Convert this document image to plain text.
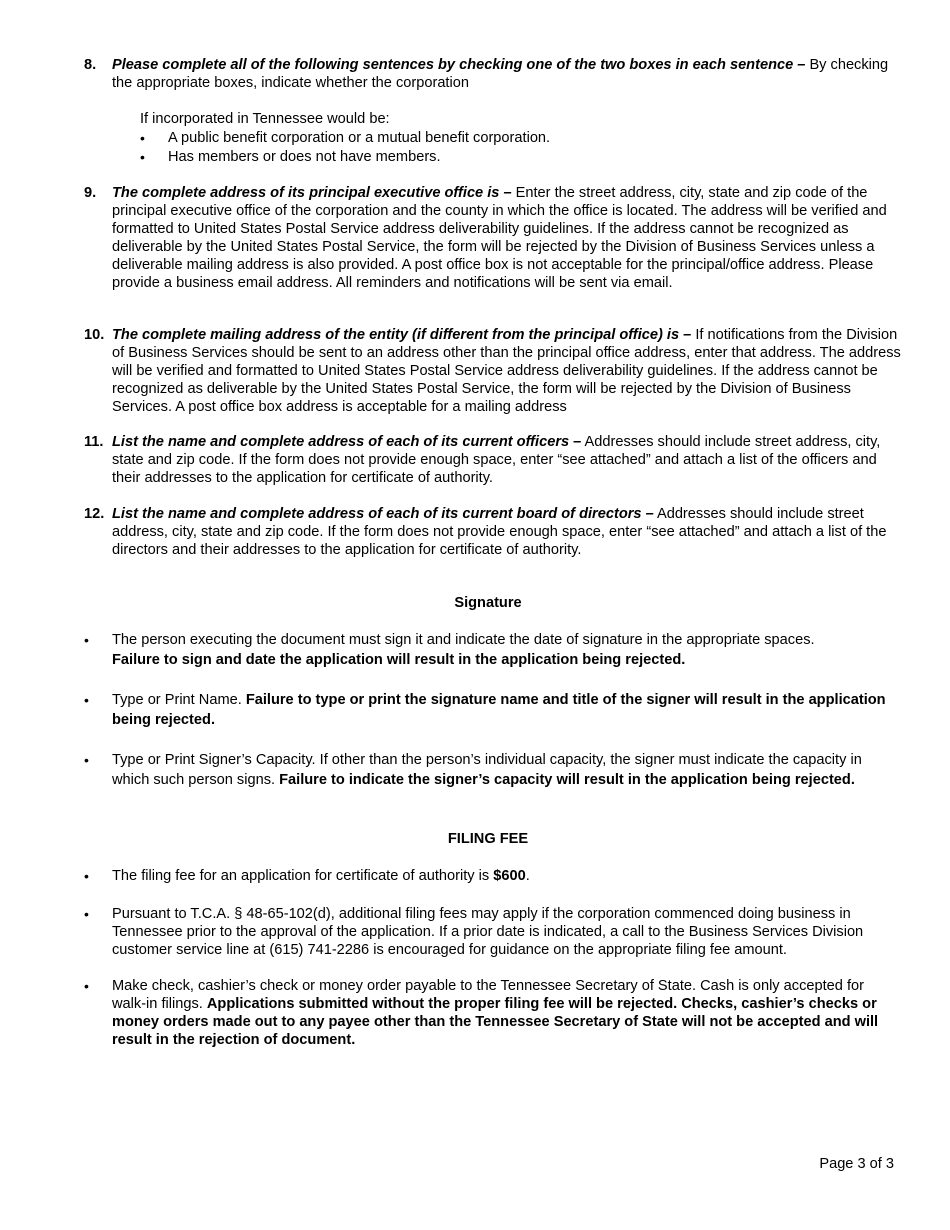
8. Please complete all of the following sentences by checking one of the two boxes in each sentence – By checking the appropriate boxes, indicate whether the corporation
If incorporated in Tennessee would be:
• A public benefit corporation or a mutual benefit corporation.
• Has members or does not have members.
9. The complete address of its principal executive office is – Enter the street address, city, state and zip code of the principal executive office of the corporation and the county in which the office is located. The address will be verified and formatted to United States Postal Service address deliverability guidelines. If the address cannot be recognized as deliverable by the United States Postal Service, the form will be rejected by the Division of Business Services unless a deliverable mailing address is also provided. A post office box is not acceptable for the principal/office address. Please provide a business email address. All reminders and notifications will be sent via email.
10. The complete mailing address of the entity (if different from the principal office) is – If notifications from the Division of Business Services should be sent to an address other than the principal office address, enter that address. The address will be verified and formatted to United States Postal Service address deliverability guidelines. If the address cannot be recognized as deliverable by the United States Postal Service, the form will be rejected by the Division of Business Services. A post office box address is acceptable for a mailing address
11. List the name and complete address of each of its current officers – Addresses should include street address, city, state and zip code. If the form does not provide enough space, enter “see attached” and attach a list of the officers and their addresses to the application for certificate of authority.
12. List the name and complete address of each of its current board of directors – Addresses should include street address, city, state and zip code. If the form does not provide enough space, enter “see attached” and attach a list of the directors and their addresses to the application for certificate of authority.
Signature
• The person executing the document must sign it and indicate the date of signature in the appropriate spaces.
Failure to sign and date the application will result in the application being rejected.
• Type or Print Name. Failure to type or print the signature name and title of the signer will result in the application being rejected.
• Type or Print Signer’s Capacity. If other than the person’s individual capacity, the signer must indicate the capacity in which such person signs. Failure to indicate the signer’s capacity will result in the application being rejected.
FILING FEE
• The filing fee for an application for certificate of authority is $600.
• Pursuant to T.C.A. § 48-65-102(d), additional filing fees may apply if the corporation commenced doing business in Tennessee prior to the approval of the application. If a prior date is indicated, a call to the Business Services Division customer service line at (615) 741-2286 is encouraged for guidance on the appropriate filing fee amount.
• Make check, cashier’s check or money order payable to the Tennessee Secretary of State. Cash is only accepted for walk-in filings. Applications submitted without the proper filing fee will be rejected. Checks, cashier’s checks or money orders made out to any payee other than the Tennessee Secretary of State will not be accepted and will result in the rejection of document.
Page 3 of 3
